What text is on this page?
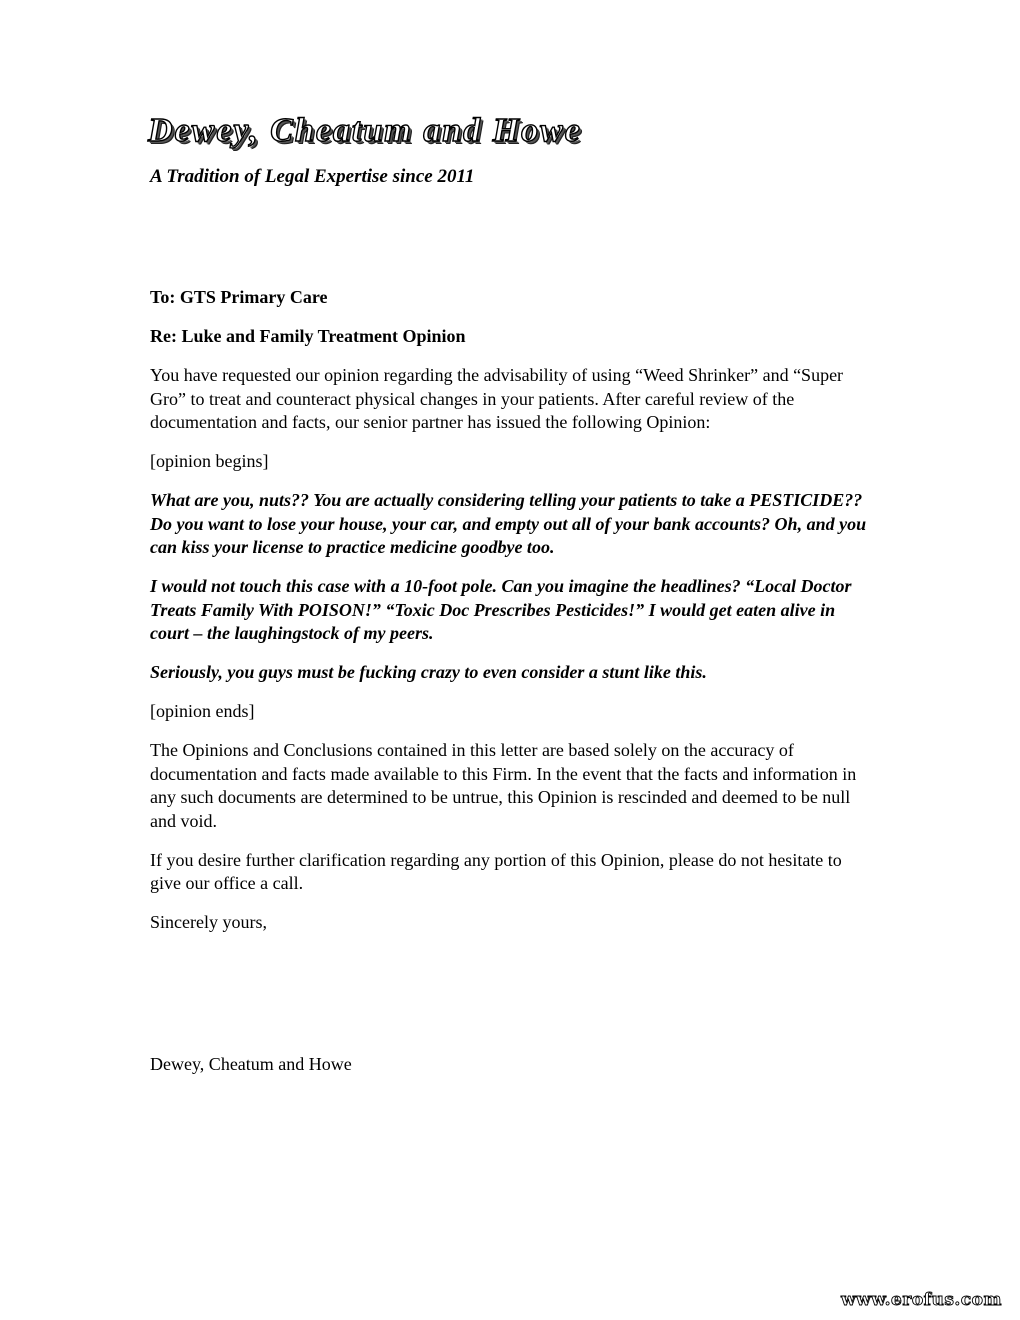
Dewey, Cheatum and Howe
A Tradition of Legal Expertise since 2011

To: GTS Primary Care

Re: Luke and Family Treatment Opinion

You have requested our opinion regarding the advisability of using “Weed Shrinker” and “Super Gro” to treat and counteract physical changes in your patients. After careful review of the documentation and facts, our senior partner has issued the following Opinion:

[opinion begins]

What are you, nuts?? You are actually considering telling your patients to take a PESTICIDE?? Do you want to lose your house, your car, and empty out all of your bank accounts? Oh, and you can kiss your license to practice medicine goodbye too.

I would not touch this case with a 10-foot pole. Can you imagine the headlines? “Local Doctor Treats Family With POISON!” “Toxic Doc Prescribes Pesticides!” I would get eaten alive in court – the laughingstock of my peers.

Seriously, you guys must be fucking crazy to even consider a stunt like this.

[opinion ends]

The Opinions and Conclusions contained in this letter are based solely on the accuracy of documentation and facts made available to this Firm. In the event that the facts and information in any such documents are determined to be untrue, this Opinion is rescinded and deemed to be null and void.

If you desire further clarification regarding any portion of this Opinion, please do not hesitate to give our office a call.

Sincerely yours,

Dewey, Cheatum and Howe
www.erofus.com
